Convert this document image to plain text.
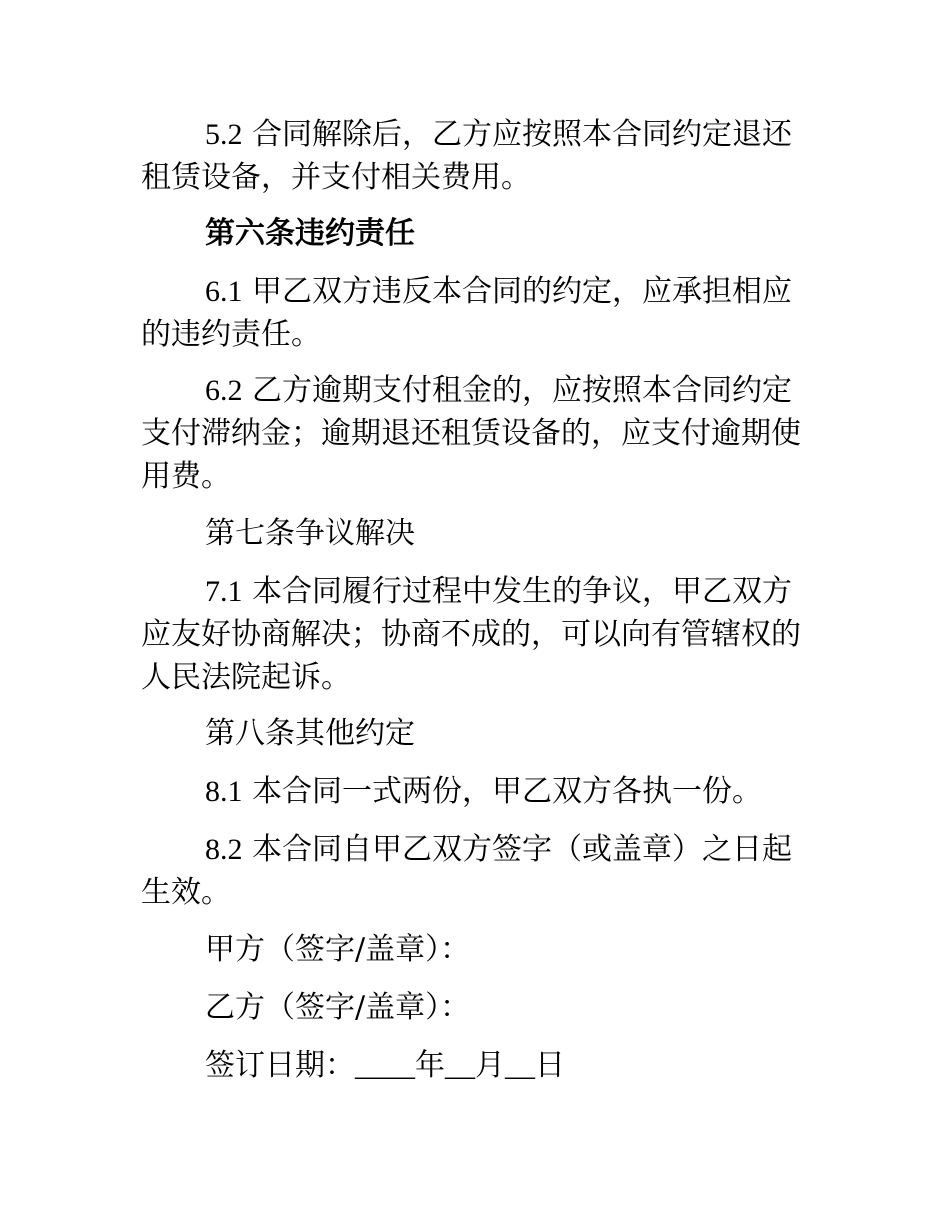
5.2 合同解除后，乙方应按照本合同约定退还租赁设备，并支付相关费用。

第六条违约责任

6.1 甲乙双方违反本合同的约定，应承担相应的违约责任。

6.2 乙方逾期支付租金的，应按照本合同约定支付滞纳金；逾期退还租赁设备的，应支付逾期使用费。

第七条争议解决

7.1 本合同履行过程中发生的争议，甲乙双方应友好协商解决；协商不成的，可以向有管辖权的人民法院起诉。

第八条其他约定

8.1 本合同一式两份，甲乙双方各执一份。

8.2 本合同自甲乙双方签字（或盖章）之日起生效。

甲方（签字/盖章）：

乙方（签字/盖章）：

签订日期：____年__月__日
